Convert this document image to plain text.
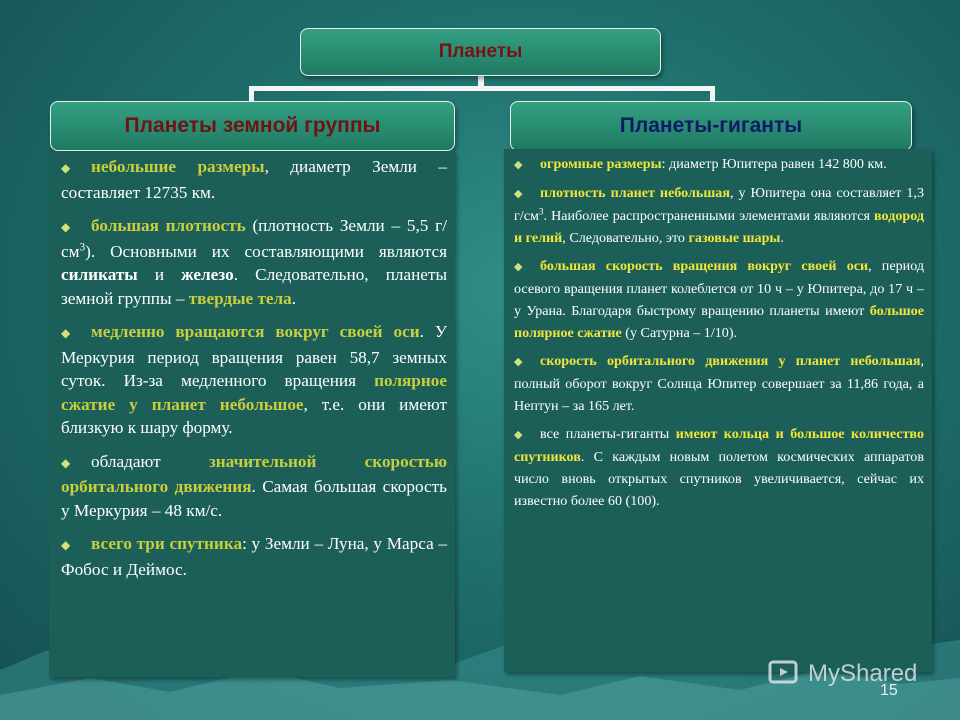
Планеты
Планеты земной группы	Планеты-гиганты

◆ небольшие размеры, диаметр Земли –составляет 12735 км.

◆ большая плотность (плотность Земли – 5,5 $г/см^3$). Основными их составляющими являются силикаты и железо. Следовательно, планеты земной группы – твердые тела.

◆ медленно вращаются вокруг своей оси. У Меркурия период вращения равен 58,7 земных суток. Из-за медленного вращения полярное сжатие у планет небольшое, т.е. они имеют близкую к шару форму.

◆ обладают значительной скоростью орбитального движения. Самая большая скорость у Меркурия – 48 км/с.

◆ всего три спутника: у Земли – Луна, у Марса – Фобос и Деймос.

◆ огромные размеры: диаметр Юпитера равен 142 800 км.

◆ плотность планет небольшая, у Юпитера она составляет 1,3 $г/см^3$. Наиболее распространенными элементами являются водород и гелий, Следовательно, это газовые шары.

◆ большая скорость вращения вокруг своей оси, период осевого вращения планет колеблется от 10 ч – у Юпитера, до 17 ч – у Урана. Благодаря быстрому вращению планеты имеют большое полярное сжатие (у Сатурна – 1/10).

◆ скорость орбитального движения у планет небольшая, полный оборот вокруг Солнца Юпитер совершает за 11,86 года, а Нептун – за 165 лет.

◆ все планеты-гиганты имеют кольца и большое количество спутников. С каждым новым полетом космических аппаратов число вновь открытых спутников увеличивается, сейчас их известно более 60 (100).

MyShared
15
